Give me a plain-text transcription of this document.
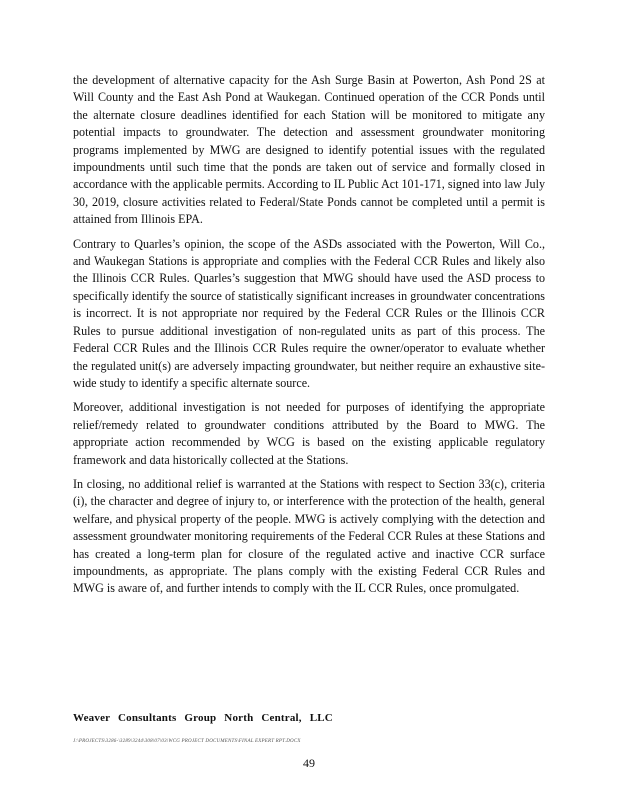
the development of alternative capacity for the Ash Surge Basin at Powerton, Ash Pond 2S at Will County and the East Ash Pond at Waukegan. Continued operation of the CCR Ponds until the alternate closure deadlines identified for each Station will be monitored to mitigate any potential impacts to groundwater. The detection and assessment groundwater monitoring programs implemented by MWG are designed to identify potential issues with the regulated impoundments until such time that the ponds are taken out of service and formally closed in accordance with the applicable permits. According to IL Public Act 101-171, signed into law July 30, 2019, closure activities related to Federal/State Ponds cannot be completed until a permit is attained from Illinois EPA.

Contrary to Quarles’s opinion, the scope of the ASDs associated with the Powerton, Will Co., and Waukegan Stations is appropriate and complies with the Federal CCR Rules and likely also the Illinois CCR Rules. Quarles’s suggestion that MWG should have used the ASD process to specifically identify the source of statistically significant increases in groundwater concentrations is incorrect. It is not appropriate nor required by the Federal CCR Rules or the Illinois CCR Rules to pursue additional investigation of non-regulated units as part of this process. The Federal CCR Rules and the Illinois CCR Rules require the owner/operator to evaluate whether the regulated unit(s) are adversely impacting groundwater, but neither require an exhaustive site-wide study to identify a specific alternate source.

Moreover, additional investigation is not needed for purposes of identifying the appropriate relief/remedy related to groundwater conditions attributed by the Board to MWG. The appropriate action recommended by WCG is based on the existing applicable regulatory framework and data historically collected at the Stations.

In closing, no additional relief is warranted at the Stations with respect to Section 33(c), criteria (i), the character and degree of injury to, or interference with the protection of the health, general welfare, and physical property of the people. MWG is actively complying with the detection and assessment groundwater monitoring requirements of the Federal CCR Rules at these Stations and has created a long-term plan for closure of the regulated active and inactive CCR surface impoundments, as appropriate. The plans comply with the existing Federal CCR Rules and MWG is aware of, and further intends to comply with the IL CCR Rules, once promulgated.

Weaver Consultants Group North Central, LLC
J:\PROJECTS\3286-\3289\3244\308\07\03\WCG PROJECT DOCUMENTS\FINAL EXPERT RPT.DOCX
49
